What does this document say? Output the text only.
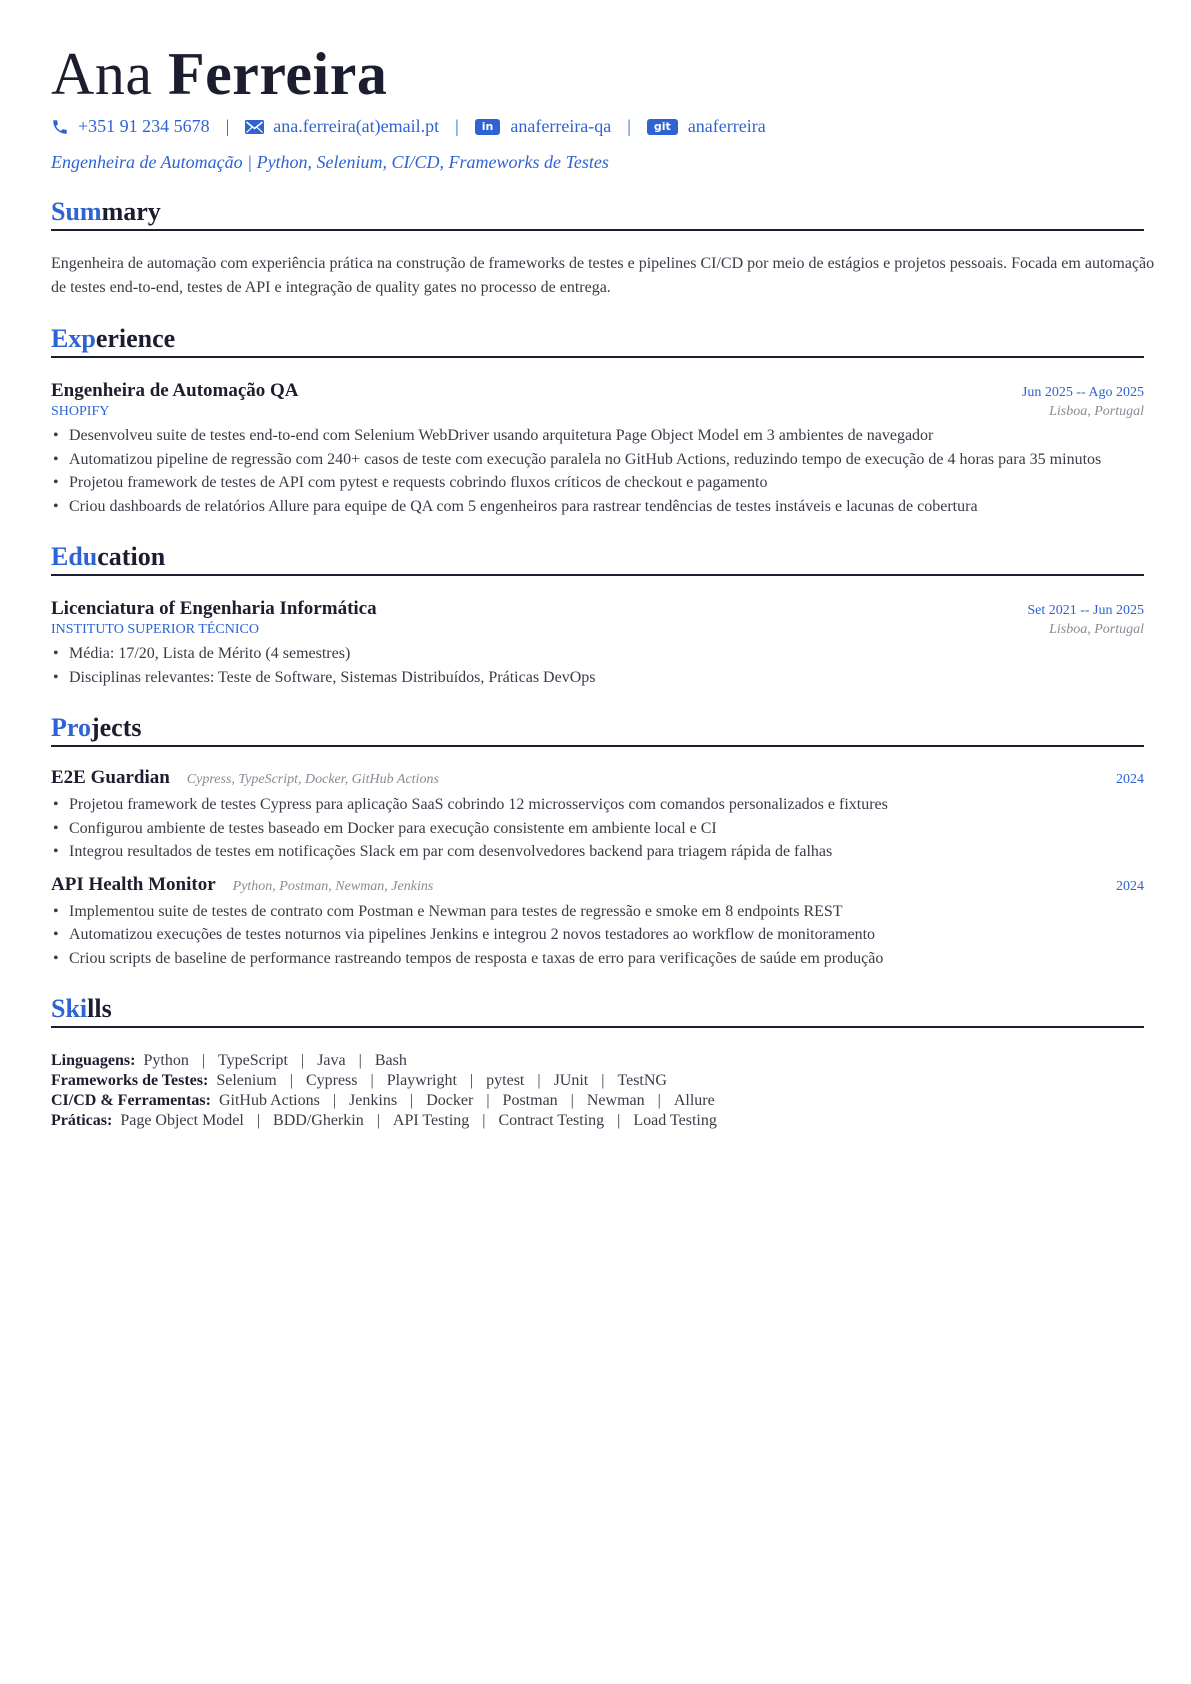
Ana Ferreira
+351 91 234 5678 | ana.ferreira(at)email.pt |	in anaferreira-qa |	git anaferreira
Engenheira de Automação | Python, Selenium, CI/CD, Frameworks de Testes
Summary
Engenheira de automação com experiência prática na construção de frameworks de testes e pipelines CI/CD por meio de estágios e projetos pessoais. Focada em automação de testes end-to-end, testes de API e integração de quality gates no processo de entrega.
Experience
Engenheira de Automação QA	Jun 2025 -- Ago 2025
SHOPIFY	Lisboa, Portugal
• Desenvolveu suite de testes end-to-end com Selenium WebDriver usando arquitetura Page Object Model em 3 ambientes de navegador
• Automatizou pipeline de regressão com 240+ casos de teste com execução paralela no GitHub Actions, reduzindo tempo de execução de 4 horas para 35 minutos
• Projetou framework de testes de API com pytest e requests cobrindo fluxos críticos de checkout e pagamento
• Criou dashboards de relatórios Allure para equipe de QA com 5 engenheiros para rastrear tendências de testes instáveis e lacunas de cobertura
Education
Licenciatura of Engenharia Informática	Set 2021 -- Jun 2025
INSTITUTO SUPERIOR TÉCNICO	Lisboa, Portugal
• Média: 17/20, Lista de Mérito (4 semestres)
• Disciplinas relevantes: Teste de Software, Sistemas Distribuídos, Práticas DevOps
Projects
E2E Guardian Cypress, TypeScript, Docker, GitHub Actions	2024
• Projetou framework de testes Cypress para aplicação SaaS cobrindo 12 microsserviços com comandos personalizados e fixtures
• Configurou ambiente de testes baseado em Docker para execução consistente em ambiente local e CI
• Integrou resultados de testes em notificações Slack em par com desenvolvedores backend para triagem rápida de falhas
API Health Monitor Python, Postman, Newman, Jenkins	2024
• Implementou suite de testes de contrato com Postman e Newman para testes de regressão e smoke em 8 endpoints REST
• Automatizou execuções de testes noturnos via pipelines Jenkins e integrou 2 novos testadores ao workflow de monitoramento
• Criou scripts de baseline de performance rastreando tempos de resposta e taxas de erro para verificações de saúde em produção
Skills
Linguagens: Python | TypeScript | Java | Bash
Frameworks de Testes: Selenium | Cypress | Playwright | pytest | JUnit | TestNG
CI/CD & Ferramentas: GitHub Actions | Jenkins | Docker | Postman | Newman | Allure
Práticas: Page Object Model | BDD/Gherkin | API Testing | Contract Testing | Load Testing
